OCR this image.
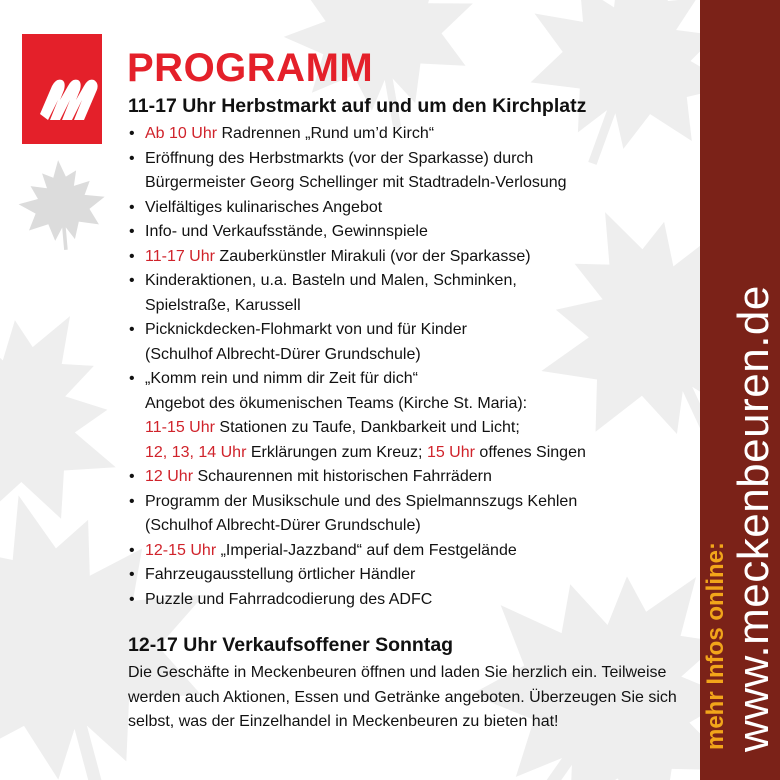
PROGRAMM
11-17 Uhr Herbstmarkt auf und um den Kirchplatz
• Ab 10 Uhr Radrennen „Rund um’d Kirch“
• Eröffnung des Herbstmarkts (vor der Sparkasse) durch
Bürgermeister Georg Schellinger mit Stadtradeln-Verlosung
• Vielfältiges kulinarisches Angebot
• Info- und Verkaufsstände, Gewinnspiele
• 11-17 Uhr Zauberkünstler Mirakuli (vor der Sparkasse)
• Kinderaktionen, u.a. Basteln und Malen, Schminken,
Spielstraße, Karussell
• Picknickdecken-Flohmarkt von und für Kinder
(Schulhof Albrecht-Dürer Grundschule)
• „Komm rein und nimm dir Zeit für dich“
Angebot des ökumenischen Teams (Kirche St. Maria):
11-15 Uhr Stationen zu Taufe, Dankbarkeit und Licht;
12, 13, 14 Uhr Erklärungen zum Kreuz; 15 Uhr offenes Singen
• 12 Uhr Schaurennen mit historischen Fahrrädern
• Programm der Musikschule und des Spielmannszugs Kehlen
(Schulhof Albrecht-Dürer Grundschule)
• 12-15 Uhr „Imperial-Jazzband“ auf dem Festgelände
• Fahrzeugausstellung örtlicher Händler
• Puzzle und Fahrradcodierung des ADFC
12-17 Uhr Verkaufsoffener Sonntag
Die Geschäfte in Meckenbeuren öffnen und laden Sie herzlich ein. Teilweise werden auch Aktionen, Essen und Getränke angeboten. Überzeugen Sie sich selbst, was der Einzelhandel in Meckenbeuren zu bieten hat!	mehr Infos online: www.meckenbeuren.de
